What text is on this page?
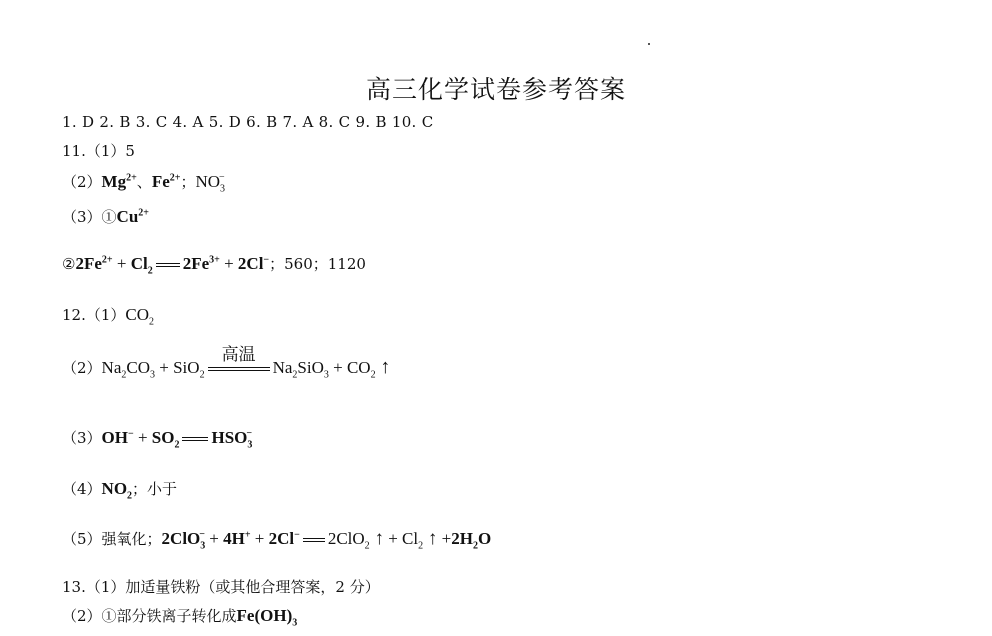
高三化学试卷参考答案
1. D 2. B 3. C 4. A 5. D 6. B 7. A 8. C 9. B 10. C
11.（1）5
$(2)Mg^{2+}$、$Fe^{2+}$；$NO_3^-$
$(3)①Cu^{2+}$
$②2Fe^{2+} + Cl_2$ $2Fe^{3+} + 2Cl^-$；560；1120
$12.(1)CO_2$
$(2)Na_2CO_3 + SiO_2$
高温
$Na_2SiO_3 + CO_2$ ↑
$(3)OH^- + SO_2$ $HSO_3^-$
$(4)NO_2$；小于
（5）强氧化；2ClO$_3$− + 4H+ + 2Cl− 2ClO$_2$ ↑ + $Cl_2$ ↑ $+2H_2O$
13.（1）加适量铁粉（或其他合理答案，2 分）
（2）①部分铁离子转化成$Fe(OH)_3$
